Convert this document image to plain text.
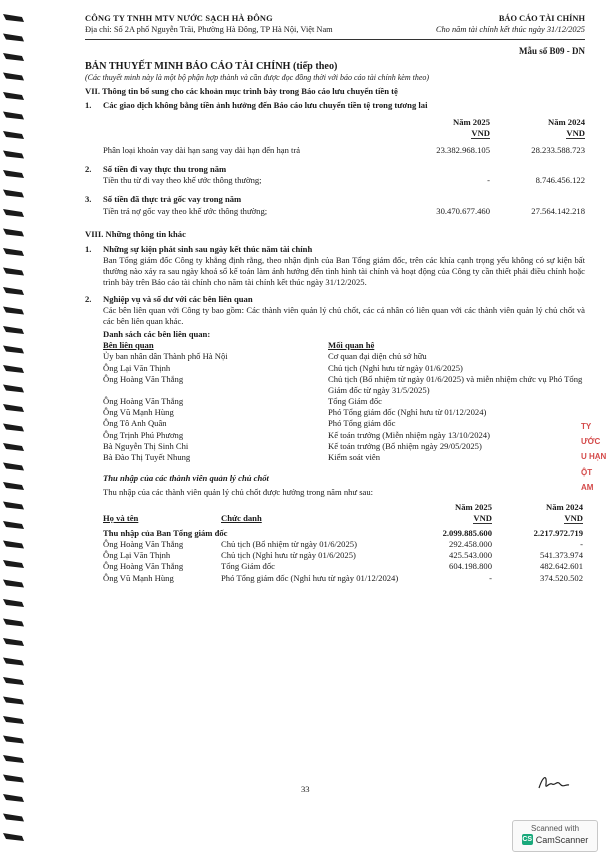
CÔNG TY TNHH MTV NƯỚC SẠCH HÀ ĐÔNG
Địa chỉ: Số 2A phố Nguyễn Trãi, Phường Hà Đông, TP Hà Nội, Việt Nam
BÁO CÁO TÀI CHÍNH
Cho năm tài chính kết thúc ngày 31/12/2025
Mẫu số B09 - DN
BẢN THUYẾT MINH BÁO CÁO TÀI CHÍNH (tiếp theo)
(Các thuyết minh này là một bộ phận hợp thành và cần được đọc đồng thời với báo cáo tài chính kèm theo)
VII. Thông tin bổ sung cho các khoản mục trình bày trong Báo cáo lưu chuyển tiền tệ
1. Các giao dịch không bằng tiền ảnh hưởng đến Báo cáo lưu chuyển tiền tệ trong tương lai
Năm 2025	Năm 2024
VND	VND
Phân loại khoản vay dài hạn sang vay dài hạn đến hạn trả	23.382.968.105	28.233.588.723
2. Số tiền đi vay thực thu trong năm
Tiền thu từ đi vay theo khế ước thông thường;	-	8.746.456.122
3. Số tiền đã thực trả gốc vay trong năm
Tiền trả nợ gốc vay theo khế ước thông thường;	30.470.677.460	27.564.142.218
VIII. Những thông tin khác
1. Những sự kiện phát sinh sau ngày kết thúc năm tài chính
Ban Tổng giám đốc Công ty khẳng định rằng, theo nhận định của Ban Tổng giám đốc, trên các khía cạnh trọng yếu không có sự kiện bất thường nào xảy ra sau ngày khoá sổ kế toán làm ảnh hưởng đến tình hình tài chính và hoạt động của Công ty cần thiết phải điều chỉnh hoặc trình bày trên Báo cáo tài chính cho năm tài chính kết thúc ngày 31/12/2025.
2. Nghiệp vụ và số dư với các bên liên quan
Các bên liên quan với Công ty bao gồm: Các thành viên quản lý chủ chốt, các cá nhân có liên quan với các thành viên quản lý chủ chốt và các bên liên quan khác.
Danh sách các bên liên quan:
Bên liên quan	Mối quan hệ
Ủy ban nhân dân Thành phố Hà Nội	Cơ quan đại diện chủ sở hữu
Ông Lại Văn Thịnh	Chủ tịch (Nghỉ hưu từ ngày 01/6/2025)
Ông Hoàng Văn Thắng	Chủ tịch (Bổ nhiệm từ ngày 01/6/2025) và miễn nhiệm chức vụ Phó Tổng Giám đốc từ ngày 31/5/2025)
Ông Hoàng Văn Thắng	Tổng Giám đốc
Ông Vũ Mạnh Hùng	Phó Tổng giám đốc (Nghỉ hưu từ 01/12/2024)
Ông Tô Anh Quân	Phó Tổng giám đốc
Ông Trịnh Phú Phương	Kế toán trưởng (Miễn nhiệm ngày 13/10/2024)
Bà Nguyễn Thị Sinh Chi	Kế toán trưởng (Bổ nhiệm ngày 29/05/2025)
Bà Đào Thị Tuyết Nhung	Kiểm soát viên
Thu nhập của các thành viên quản lý chủ chốt
Thu nhập của các thành viên quản lý chủ chốt được hưởng trong năm như sau:
Năm 2025	Năm 2024
Họ và tên	Chức danh	VND	VND
Thu nhập của Ban Tổng giám đốc	2.099.885.600	2.217.972.719
Ông Hoàng Văn Thắng	Chủ tịch (Bổ nhiệm từ ngày 01/6/2025)	292.458.000	-
Ông Lại Văn Thịnh	Chủ tịch (Nghỉ hưu từ ngày 01/6/2025)	425.543.000	541.373.974
Ông Hoàng Văn Thắng	Tổng Giám đốc	604.198.800	482.642.601
Ông Vũ Mạnh Hùng	Phó Tổng giám đốc (Nghỉ hưu từ ngày 01/12/2024)	-	374.520.502
TY
ƯỚC
U HẠN
ỘT
AM
33
Scanned with
CS CamScanner
